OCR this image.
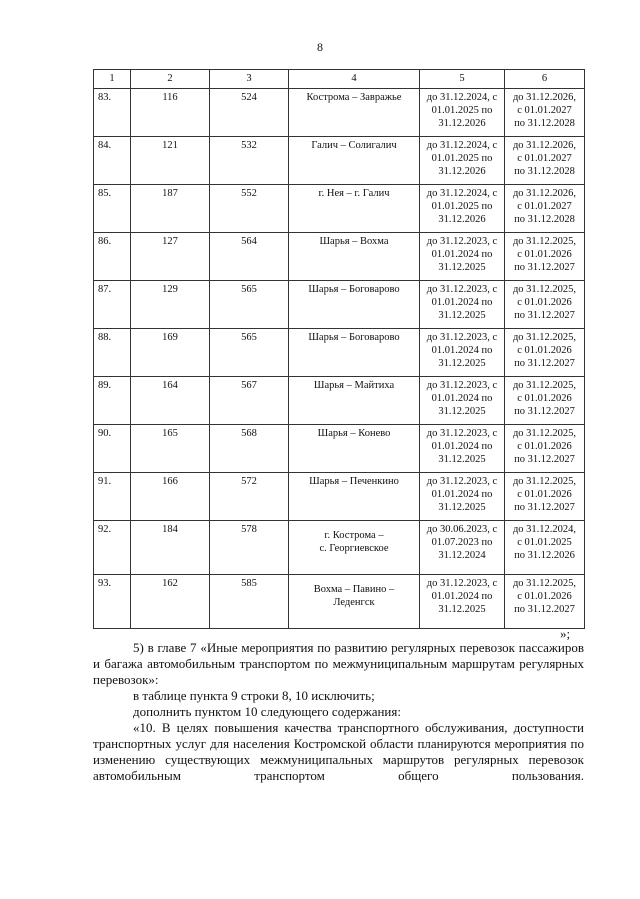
8
1	2	3	4	5	6
83.	116	524	Кострома – Завражье	до 31.12.2024, с
01.01.2025 по
31.12.2026	до 31.12.2026,
с 01.01.2027
по 31.12.2028
84.	121	532	Галич – Солигалич	до 31.12.2024, с
01.01.2025 по
31.12.2026	до 31.12.2026,
с 01.01.2027
по 31.12.2028
85.	187	552	г. Нея – г. Галич	до 31.12.2024, с
01.01.2025 по
31.12.2026	до 31.12.2026,
с 01.01.2027
по 31.12.2028
86.	127	564	Шарья – Вохма	до 31.12.2023, с
01.01.2024 по
31.12.2025	до 31.12.2025,
с 01.01.2026
по 31.12.2027
87.	129	565	Шарья – Боговарово	до 31.12.2023, с
01.01.2024 по
31.12.2025	до 31.12.2025,
с 01.01.2026
по 31.12.2027
88.	169	565	Шарья – Боговарово	до 31.12.2023, с
01.01.2024 по
31.12.2025	до 31.12.2025,
с 01.01.2026
по 31.12.2027
89.	164	567	Шарья – Майтиха	до 31.12.2023, с
01.01.2024 по
31.12.2025	до 31.12.2025,
с 01.01.2026
по 31.12.2027
90.	165	568	Шарья – Конево	до 31.12.2023, с
01.01.2024 по
31.12.2025	до 31.12.2025,
с 01.01.2026
по 31.12.2027
91.	166	572	Шарья – Печенкино	до 31.12.2023, с
01.01.2024 по
31.12.2025	до 31.12.2025,
с 01.01.2026
по 31.12.2027
92.	184	578	г. Кострома –
с. Георгиевское	до 30.06.2023, с
01.07.2023 по
31.12.2024	до 31.12.2024,
с 01.01.2025
по 31.12.2026
93.	162	585	Вохма – Павино –
Леденгск	до 31.12.2023, с
01.01.2024 по
31.12.2025	до 31.12.2025,
с 01.01.2026
по 31.12.2027
»;

5) в главе 7 «Иные мероприятия по развитию регулярных перевозок пассажиров и багажа автомобильным транспортом по межмуниципальным маршрутам регулярных перевозок»:

в таблице пункта 9 строки 8, 10 исключить;

дополнить пунктом 10 следующего содержания:

«10. В целях повышения качества транспортного обслуживания, доступности транспортных услуг для населения Костромской области планируются мероприятия по изменению существующих межмуниципальных маршрутов регулярных перевозок автомобильным транспортом общего пользования.
